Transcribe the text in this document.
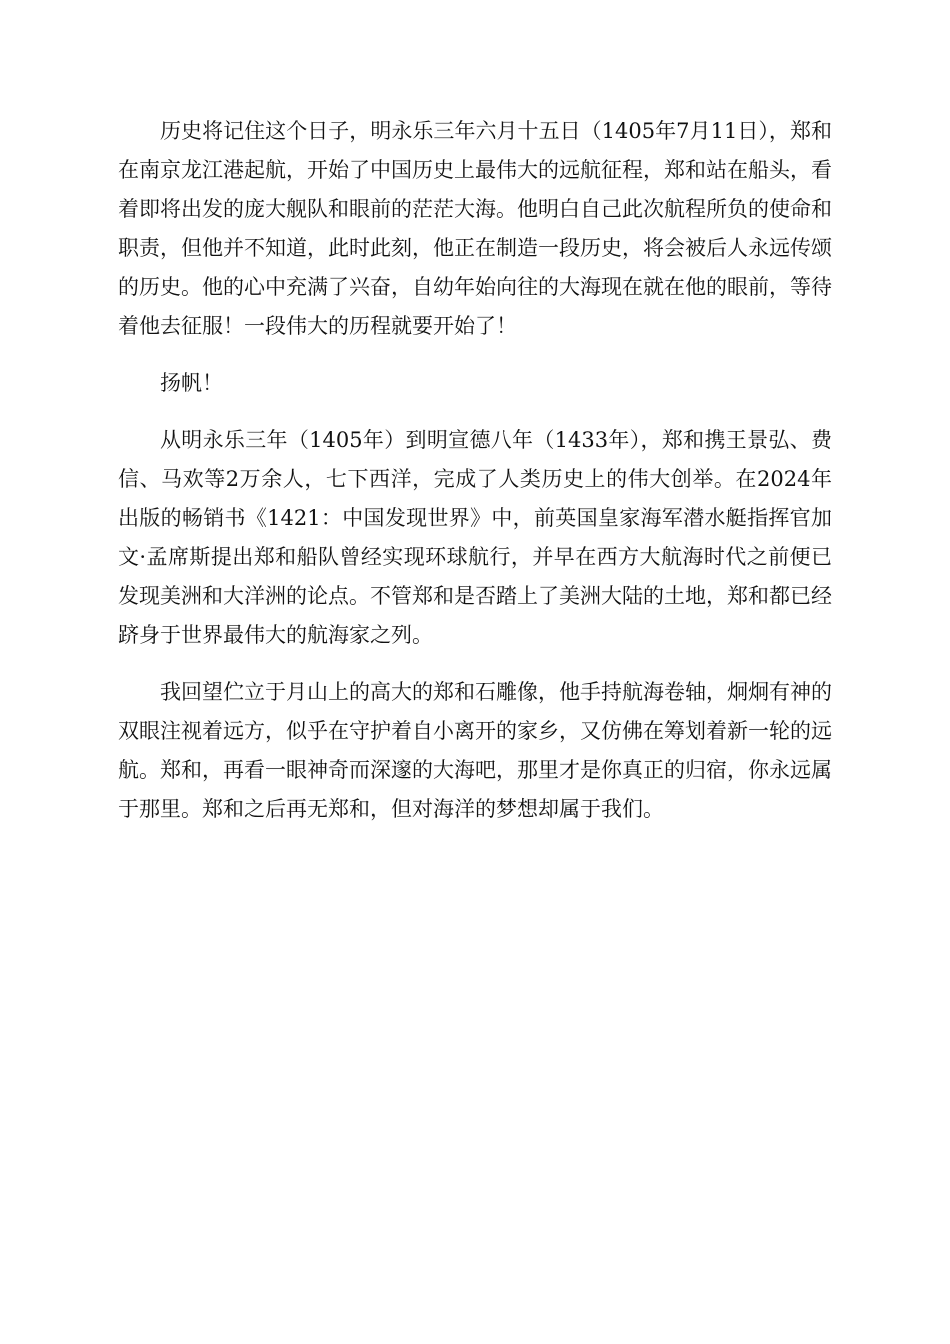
历史将记住这个日子，明永乐三年六月十五日（1405年7月11日），郑和在南京龙江港起航，开始了中国历史上最伟大的远航征程，郑和站在船头，看着即将出发的庞大舰队和眼前的茫茫大海。他明白自己此次航程所负的使命和职责，但他并不知道，此时此刻，他正在制造一段历史，将会被后人永远传颂的历史。他的心中充满了兴奋，自幼年始向往的大海现在就在他的眼前，等待着他去征服！一段伟大的历程就要开始了！

扬帆！

从明永乐三年（1405年）到明宣德八年（1433年），郑和携王景弘、费信、马欢等2万余人，七下西洋，完成了人类历史上的伟大创举。在2024年出版的畅销书《1421：中国发现世界》中，前英国皇家海军潜水艇指挥官加文·孟席斯提出郑和船队曾经实现环球航行，并早在西方大航海时代之前便已发现美洲和大洋洲的论点。不管郑和是否踏上了美洲大陆的土地，郑和都已经跻身于世界最伟大的航海家之列。

我回望伫立于月山上的高大的郑和石雕像，他手持航海卷轴，炯炯有神的双眼注视着远方，似乎在守护着自小离开的家乡，又仿佛在筹划着新一轮的远航。郑和，再看一眼神奇而深邃的大海吧，那里才是你真正的归宿，你永远属于那里。郑和之后再无郑和，但对海洋的梦想却属于我们。
